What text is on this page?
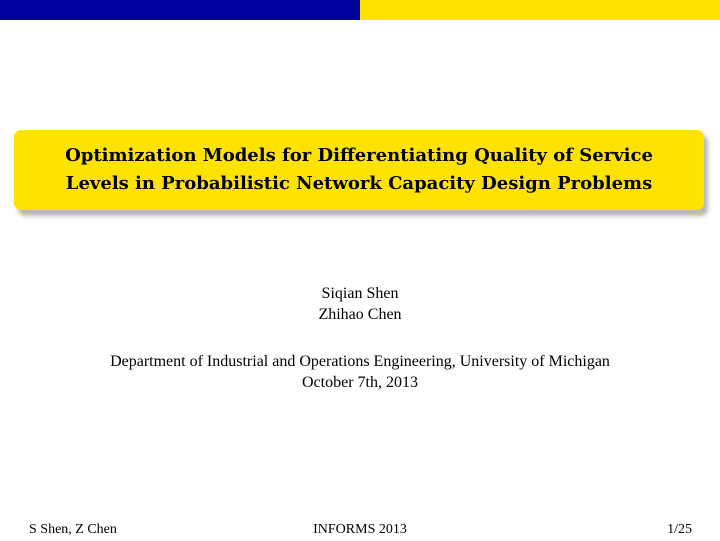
Optimization Models for Differentiating Quality of Service
Levels in Probabilistic Network Capacity Design Problems
Siqian Shen
Zhihao Chen
Department of Industrial and Operations Engineering, University of Michigan
October 7th, 2013
S Shen, Z Chen	INFORMS 2013	1/25
